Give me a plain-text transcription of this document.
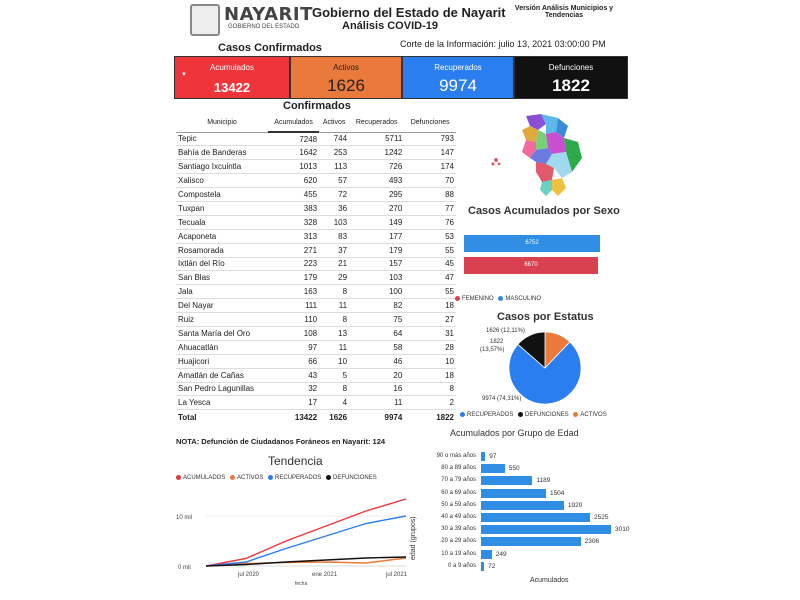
NAYARIT
GOBIERNO DEL ESTADO
Gobierno del Estado de Nayarit
Análisis COVID-19
Versión Análisis Municipios y Tendencias
Corte de la Información: julio 13, 2021 03:00:00 PM
Casos Confirmados
▼
Acumulados
13422
Activos
1626
Recuperados
9974
Defunciones
1822
Confirmados
Municipio	Acumulados	Activos	Recuperados	Defunciones
Tepic	7248	744	5711	793
Bahía de Banderas	1642	253	1242	147
Santiago Ixcuintla	1013	113	726	174
Xalisco	620	57	493	70
Compostela	455	72	295	88
Tuxpan	383	36	270	77
Tecuala	328	103	149	76
Acaponeta	313	83	177	53
Rosamorada	271	37	179	55
Ixtlán del Río	223	21	157	45
San Blas	179	29	103	47
Jala	163	8	100	55
Del Nayar	111	11	82	18
Ruiz	110	8	75	27
Santa María del Oro	108	13	64	31
Ahuacatlán	97	11	58	28
Huajicori	66	10	46	10
Amatlán de Cañas	43	5	20	18
San Pedro Lagunillas	32	8	16	8
La Yesca	17	4	11	2
Total	13422	1626	9974	1822
Casos Acumulados por Sexo
6752
6670
FEMENINO MASCULINO
Casos por Estatus
1626 (12,11%)
1822
(13,57%)
9974 (74,31%)
RECUPERADOS DEFUNCIONES ACTIVOS
NOTA: Defunción de Ciudadanos Foráneos en Nayarit: 124
Tendencia
ACUMULADOS ACTIVOS RECUPERADOS DEFUNCIONES
10 mil
0 mil
jul 2020	ene 2021	jul 2021
fecha
Acumulados por Grupo de Edad
edad (grupos)
Acumulados
90 o más años 97
80 a 89 años	550
70 a 79 años	1189
60 a 69 años	1504
50 a 59 años	1920
40 a 49 años	2525
30 a 39 años	3010
20 a 29 años	2306
10 a 19 años	249
0 a 9 años 72
